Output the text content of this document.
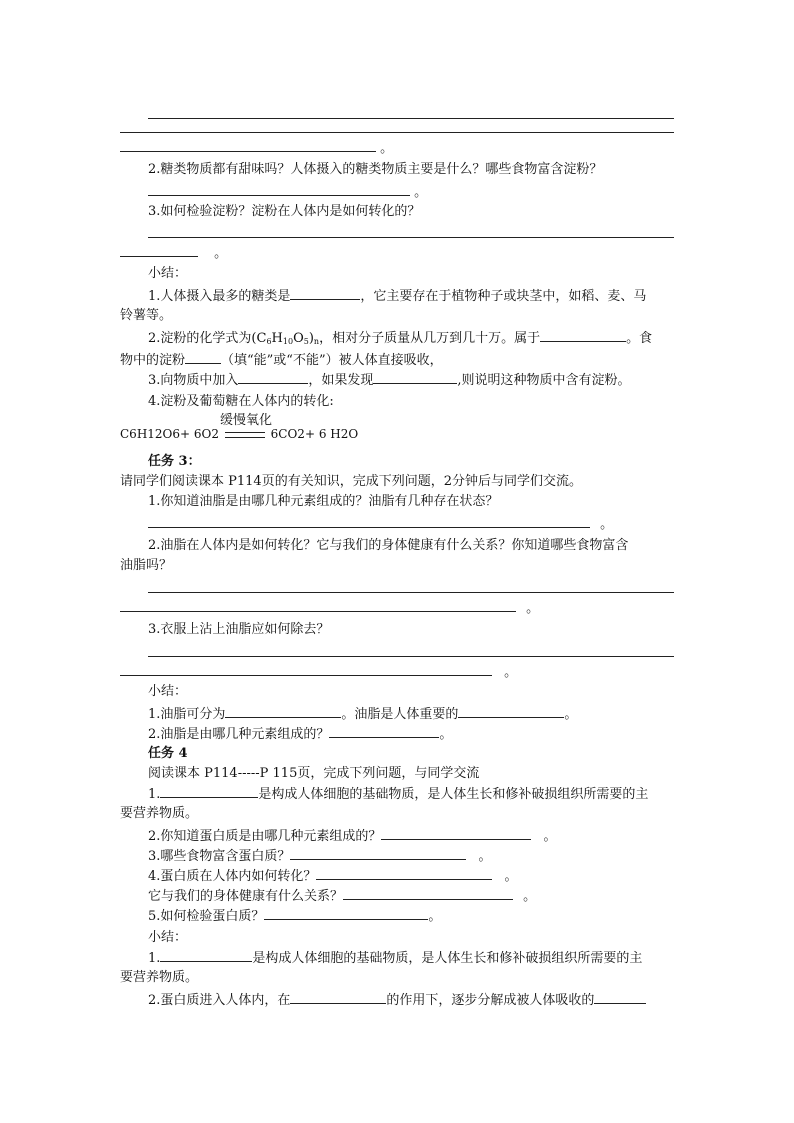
。
2.糖类物质都有甜味吗？人体摄入的糖类物质主要是什么？哪些食物富含淀粉？
。
3.如何检验淀粉？淀粉在人体内是如何转化的？
。
小结：
1.人体摄入最多的糖类是	，它主要存在于植物种子或块茎中，如稻、麦、马
铃薯等。
2.淀粉的化学式为$(C_6H_{10}O_5)_n$，相对分子质量从几万到几十万。属于	。食
物中的淀粉	（填“能”或“不能”）被人体直接吸收，
3.向物质中加入	，如果发现	,则说明这种物质中含有淀粉。
4.淀粉及葡萄糖在人体内的转化:
缓慢氧化
C6H12O6+ 6O2	6CO2+ 6 H2O
任务 3：
请同学们阅读课本 P114页的有关知识，完成下列问题，2分钟后与同学们交流。
1.你知道油脂是由哪几种元素组成的？油脂有几种存在状态？
。
2.油脂在人体内是如何转化？它与我们的身体健康有什么关系？你知道哪些食物富含
油脂吗？
。
3.衣服上沾上油脂应如何除去？
。
小结：
1.油脂可分为	。油脂是人体重要的	。
2.油脂是由哪几种元素组成的？	。
任务 4
阅读课本 P114-----P 115页，完成下列问题，与同学交流
1.	是构成人体细胞的基础物质，是人体生长和修补破损组织所需要的主
要营养物质。
2.你知道蛋白质是由哪几种元素组成的？	。
3.哪些食物富含蛋白质？	。
4.蛋白质在人体内如何转化？	。
它与我们的身体健康有什么关系？	。
5.如何检验蛋白质？	。
小结：
1.	是构成人体细胞的基础物质，是人体生长和修补破损组织所需要的主
要营养物质。
2.蛋白质进入人体内，在	的作用下，逐步分解成被人体吸收的
